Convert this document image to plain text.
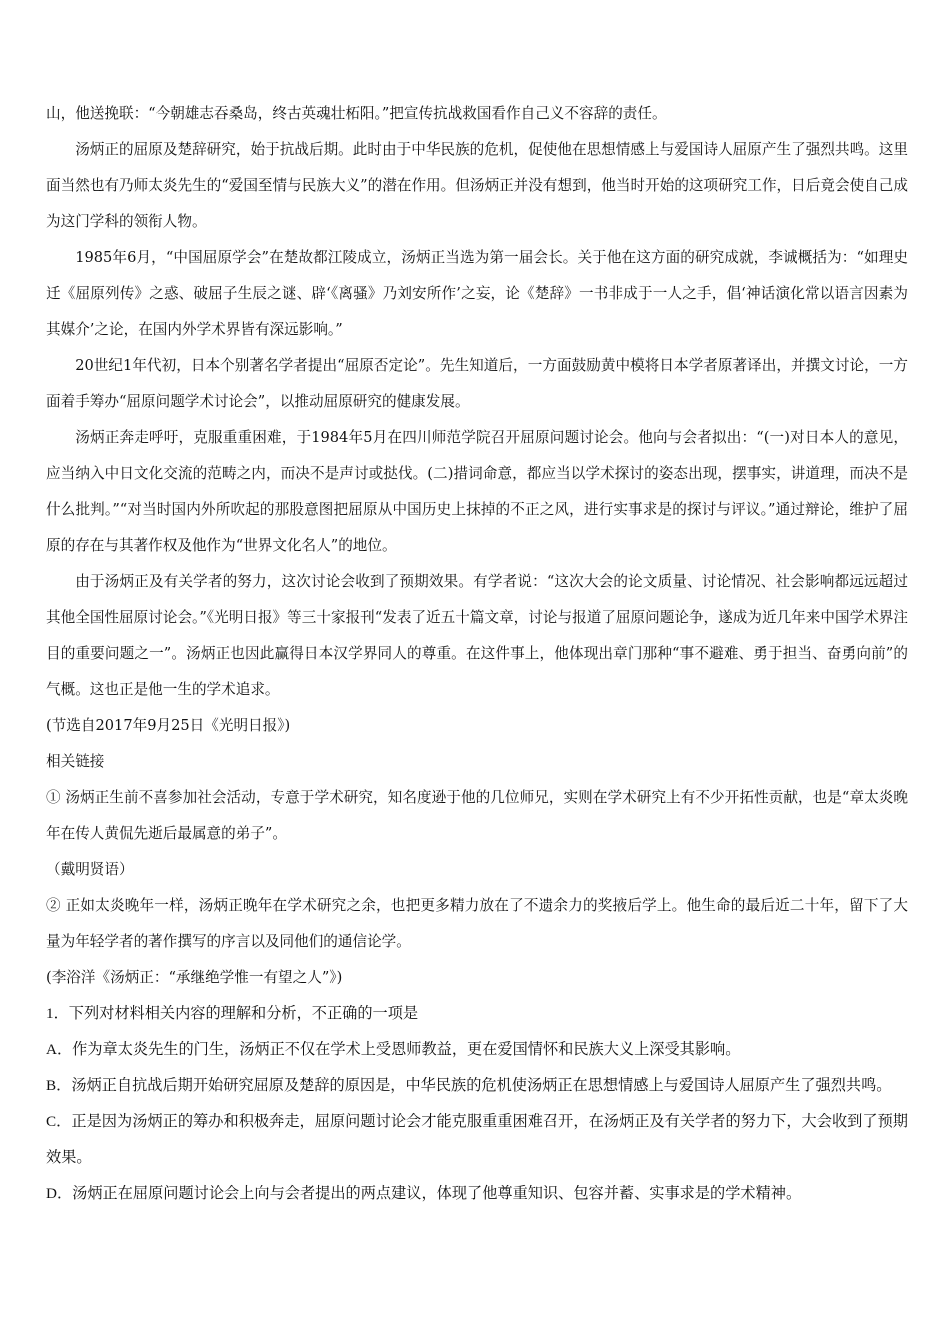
山，他送挽联：“今朝雄志吞桑岛，终古英魂壮柘阳。”把宣传抗战救国看作自己义不容辞的责任。

汤炳正的屈原及楚辞研究，始于抗战后期。此时由于中华民族的危机，促使他在思想情感上与爱国诗人屈原产生了强烈共鸣。这里面当然也有乃师太炎先生的“爱国至情与民族大义”的潜在作用。但汤炳正并没有想到，他当时开始的这项研究工作，日后竟会使自己成为这门学科的领衔人物。

1985年6月，“中国屈原学会”在楚故都江陵成立，汤炳正当选为第一届会长。关于他在这方面的研究成就，李诚概括为：“如理史迁《屈原列传》之惑、破屈子生辰之谜、辟‘《离骚》乃刘安所作’之妄，论《楚辞》一书非成于一人之手，倡‘神话演化常以语言因素为其媒介’之论，在国内外学术界皆有深远影响。”

20世纪1年代初，日本个别著名学者提出“屈原否定论”。先生知道后，一方面鼓励黄中模将日本学者原著译出，并撰文讨论，一方面着手筹办“屈原问题学术讨论会”，以推动屈原研究的健康发展。

汤炳正奔走呼吁，克服重重困难，于1984年5月在四川师范学院召开屈原问题讨论会。他向与会者拟出：“(一)对日本人的意见，应当纳入中日文化交流的范畴之内，而决不是声讨或挞伐。(二)措词命意，都应当以学术探讨的姿态出现，摆事实，讲道理，而决不是什么批判。”“对当时国内外所吹起的那股意图把屈原从中国历史上抹掉的不正之风，进行实事求是的探讨与评议。”通过辩论，维护了屈原的存在与其著作权及他作为“世界文化名人”的地位。

由于汤炳正及有关学者的努力，这次讨论会收到了预期效果。有学者说：“这次大会的论文质量、讨论情况、社会影响都远远超过其他全国性屈原讨论会。”《光明日报》等三十家报刊“发表了近五十篇文章，讨论与报道了屈原问题论争，遂成为近几年来中国学术界注目的重要问题之一”。汤炳正也因此赢得日本汉学界同人的尊重。在这件事上，他体现出章门那种“事不避难、勇于担当、奋勇向前”的气概。这也正是他一生的学术追求。

(节选自2017年9月25日《光明日报》)

相关链接

① 汤炳正生前不喜参加社会活动，专意于学术研究，知名度逊于他的几位师兄，实则在学术研究上有不少开拓性贡献，也是“章太炎晚年在传人黄侃先逝后最属意的弟子”。

（戴明贤语）

② 正如太炎晚年一样，汤炳正晚年在学术研究之余，也把更多精力放在了不遗余力的奖掖后学上。他生命的最后近二十年，留下了大量为年轻学者的著作撰写的序言以及同他们的通信论学。

(李浴洋《汤炳正：“承继绝学惟一有望之人”》)

1．下列对材料相关内容的理解和分析，不正确的一项是

A．作为章太炎先生的门生，汤炳正不仅在学术上受恩师教益，更在爱国情怀和民族大义上深受其影响。

B．汤炳正自抗战后期开始研究屈原及楚辞的原因是，中华民族的危机使汤炳正在思想情感上与爱国诗人屈原产生了强烈共鸣。

C．正是因为汤炳正的筹办和积极奔走，屈原问题讨论会才能克服重重困难召开，在汤炳正及有关学者的努力下，大会收到了预期效果。

D．汤炳正在屈原问题讨论会上向与会者提出的两点建议，体现了他尊重知识、包容并蓄、实事求是的学术精神。
